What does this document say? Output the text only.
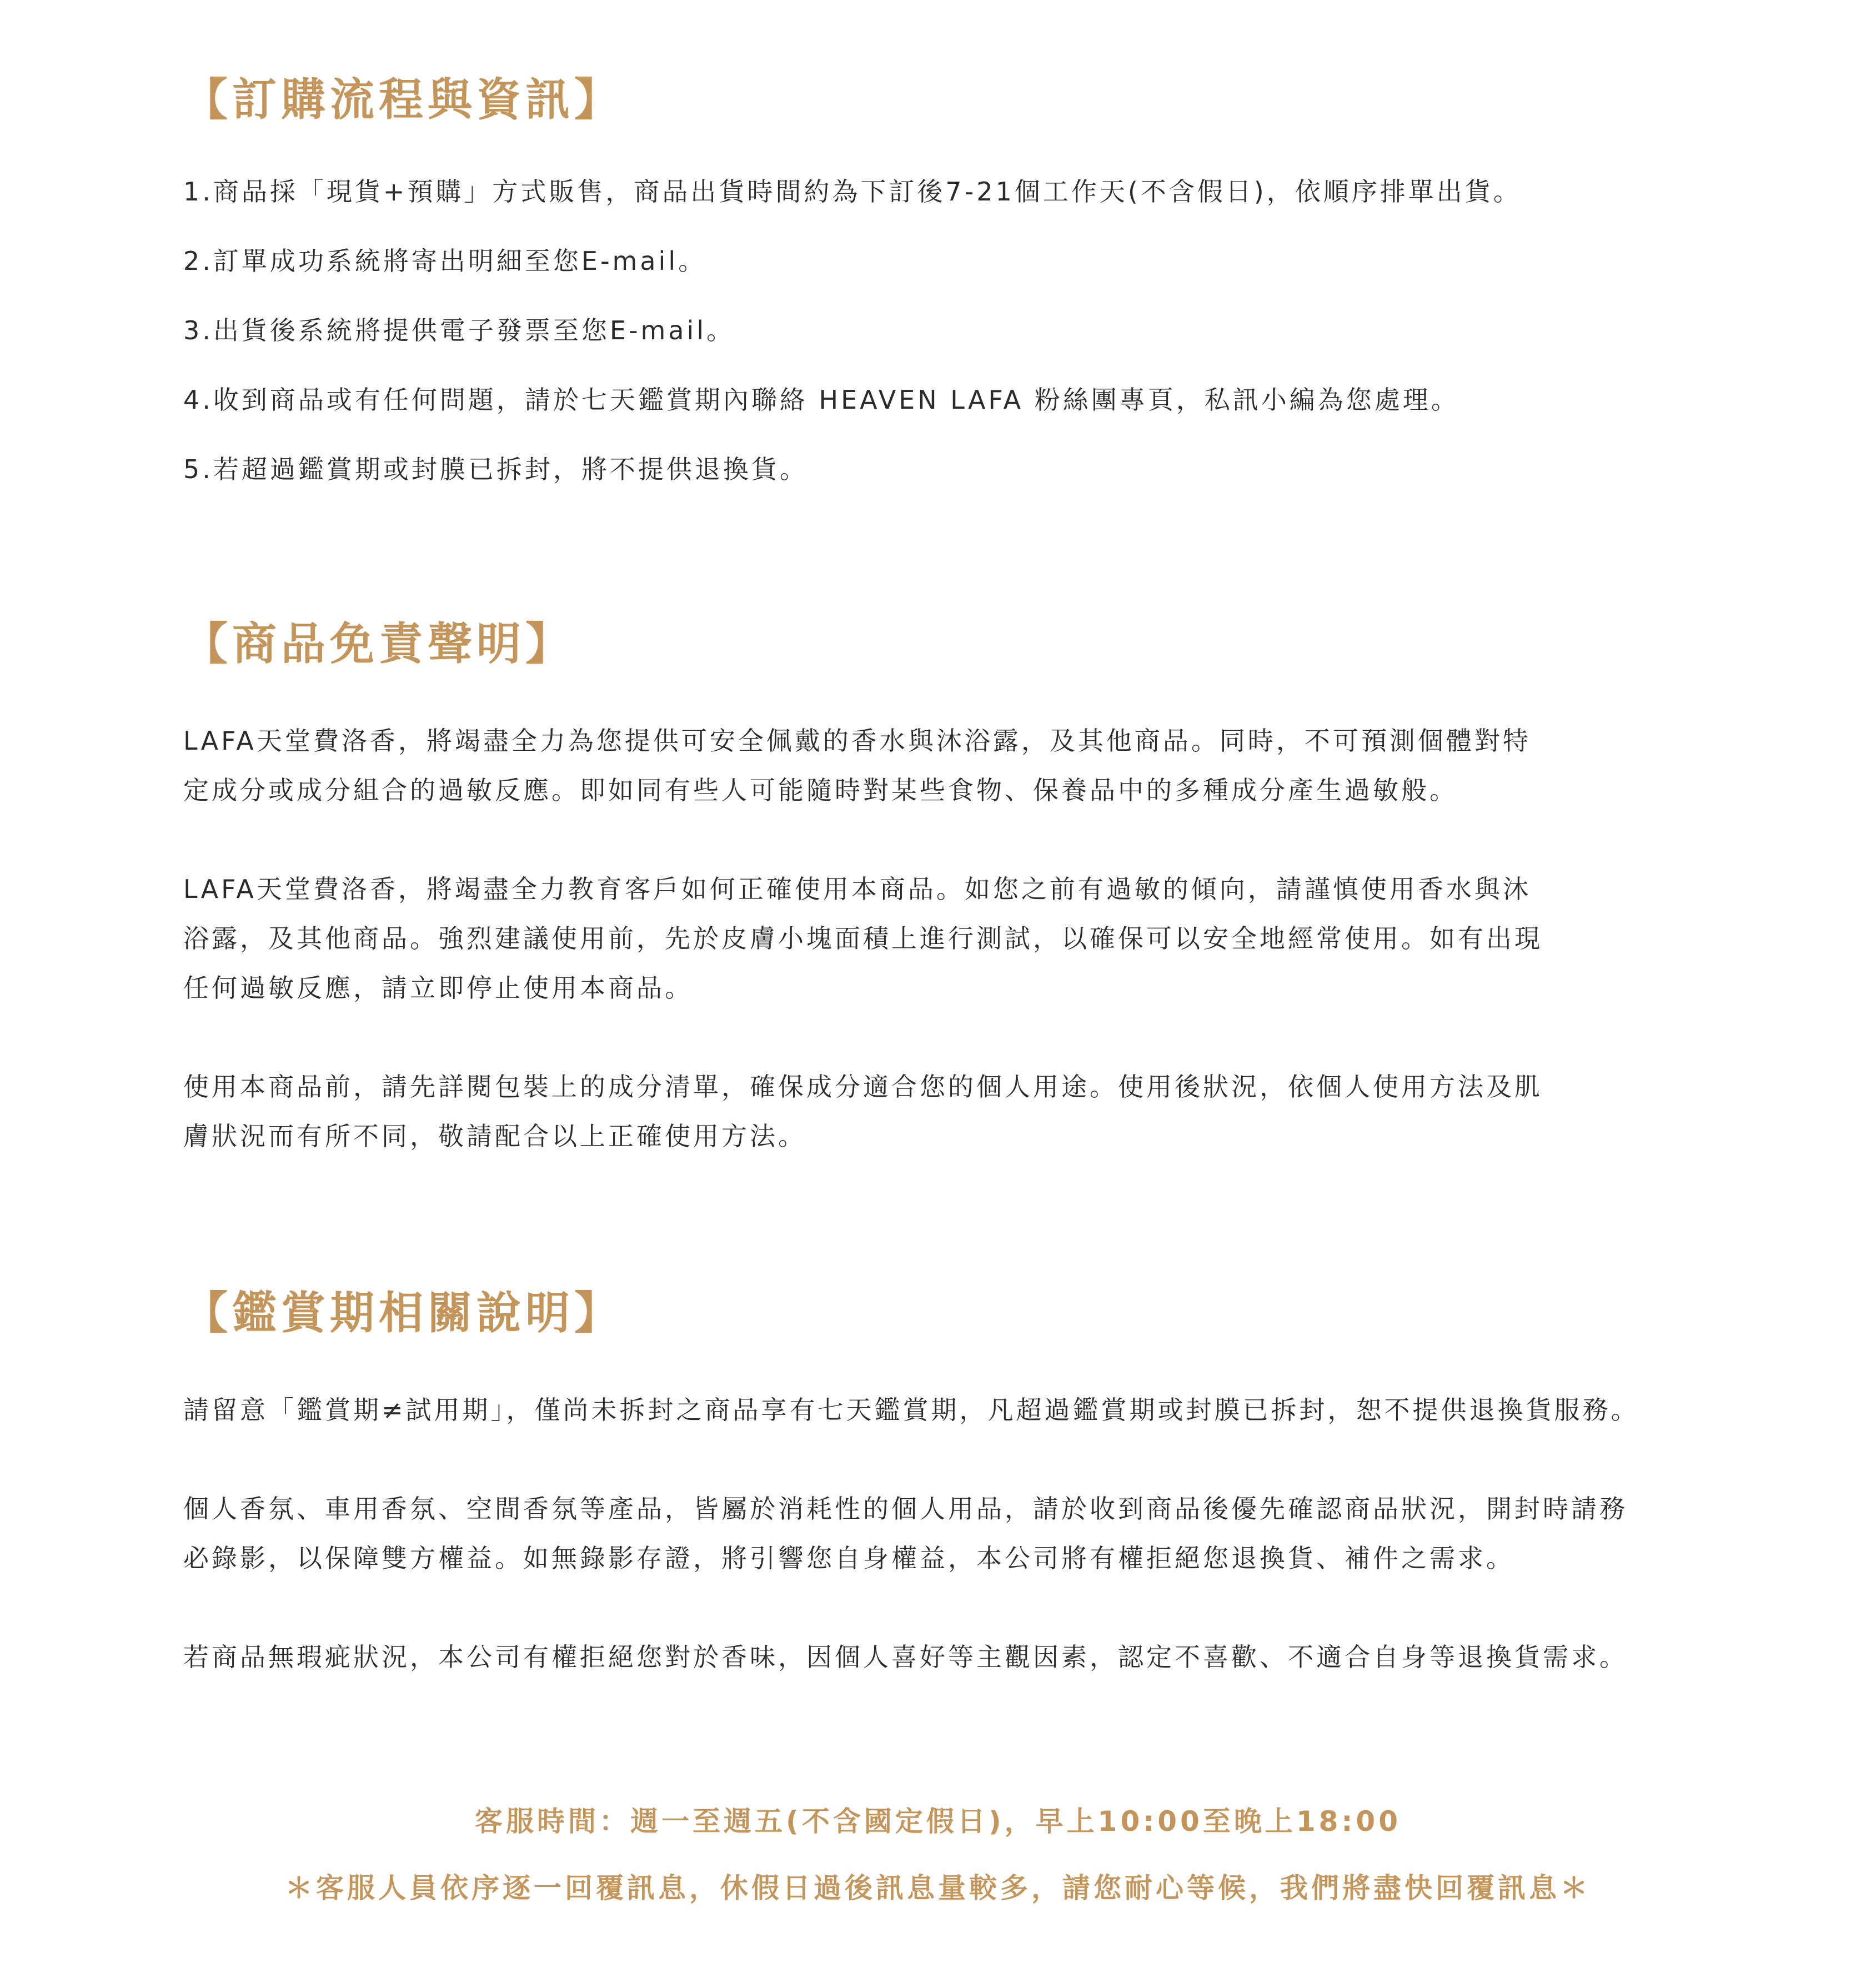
【訂購流程與資訊】
1.商品採「現貨+預購」方式販售，商品出貨時間約為下訂後7-21個工作天(不含假日)，依順序排單出貨。
2.訂單成功系統將寄出明細至您E-mail。
3.出貨後系統將提供電子發票至您E-mail。
4.收到商品或有任何問題，請於七天鑑賞期內聯絡 HEAVEN LAFA 粉絲團專頁，私訊小編為您處理。
5.若超過鑑賞期或封膜已拆封，將不提供退換貨。
【商品免責聲明】
LAFA天堂費洛香，將竭盡全力為您提供可安全佩戴的香水與沐浴露，及其他商品。同時，不可預測個體對特
定成分或成分組合的過敏反應。即如同有些人可能隨時對某些食物、保養品中的多種成分產生過敏般。
LAFA天堂費洛香，將竭盡全力教育客戶如何正確使用本商品。如您之前有過敏的傾向，請謹慎使用香水與沐
浴露，及其他商品。強烈建議使用前，先於皮膚小塊面積上進行測試，以確保可以安全地經常使用。如有出現
任何過敏反應，請立即停止使用本商品。
使用本商品前，請先詳閱包裝上的成分清單，確保成分適合您的個人用途。使用後狀況，依個人使用方法及肌
膚狀況而有所不同，敬請配合以上正確使用方法。
【鑑賞期相關說明】
請留意「鑑賞期≠試用期」，僅尚未拆封之商品享有七天鑑賞期，凡超過鑑賞期或封膜已拆封，恕不提供退換貨服務。
個人香氛、車用香氛、空間香氛等產品，皆屬於消耗性的個人用品，請於收到商品後優先確認商品狀況，開封時請務
必錄影，以保障雙方權益。如無錄影存證，將引響您自身權益，本公司將有權拒絕您退換貨、補件之需求。
若商品無瑕疵狀況，本公司有權拒絕您對於香味，因個人喜好等主觀因素，認定不喜歡、不適合自身等退換貨需求。
客服時間：週一至週五(不含國定假日)，早上10:00至晚上18:00
＊客服人員依序逐一回覆訊息，休假日過後訊息量較多，請您耐心等候，我們將盡快回覆訊息＊
